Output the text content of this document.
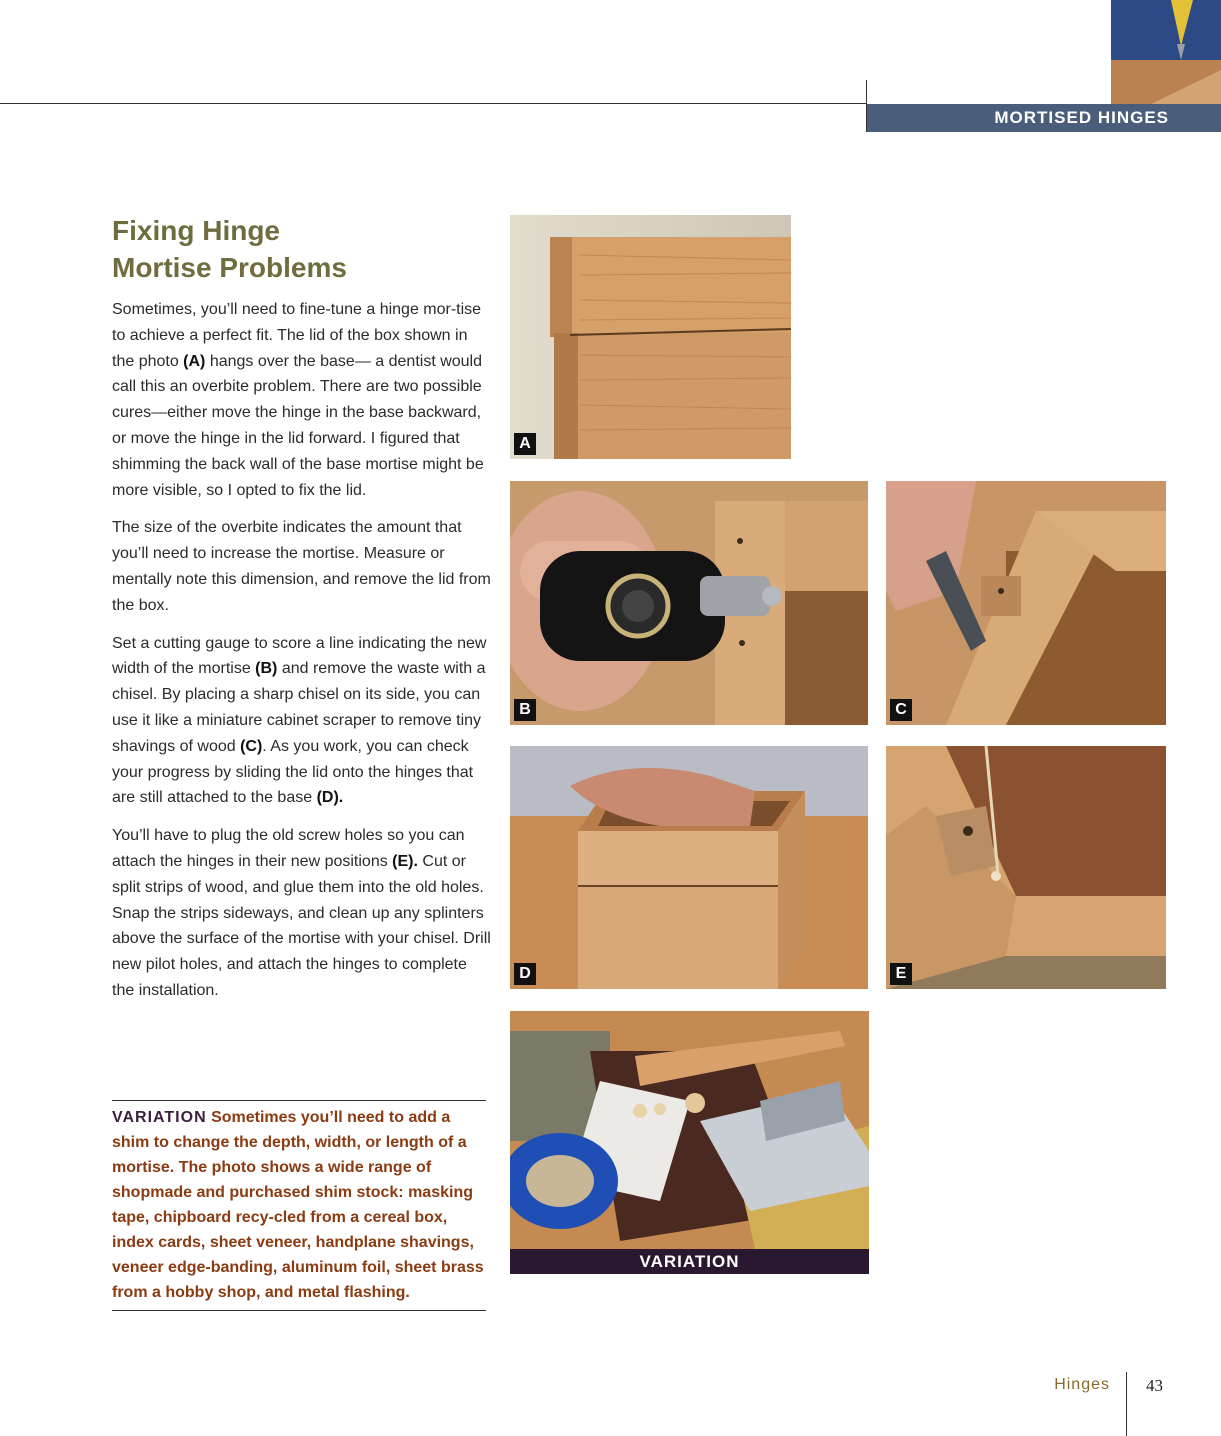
MORTISED HINGES
Fixing Hinge
Mortise Problems

Sometimes, you’ll need to fine-tune a hinge mor-tise to achieve a perfect fit. The lid of the box shown in the photo (A) hangs over the base— a dentist would call this an overbite problem. There are two possible cures—either move the hinge in the base backward, or move the hinge in the lid forward. I figured that shimming the back wall of the base mortise might be more visible, so I opted to fix the lid.

The size of the overbite indicates the amount that you’ll need to increase the mortise. Measure or mentally note this dimension, and remove the lid from the box.

Set a cutting gauge to score a line indicating the new width of the mortise (B) and remove the waste with a chisel. By placing a sharp chisel on its side, you can use it like a miniature cabinet scraper to remove tiny shavings of wood (C). As you work, you can check your progress by sliding the lid onto the hinges that are still attached to the base (D).

You’ll have to plug the old screw holes so you can attach the hinges in their new positions (E). Cut or split strips of wood, and glue them into the old holes. Snap the strips sideways, and clean up any splinters above the surface of the mortise with your chisel. Drill new pilot holes, and attach the hinges to complete the installation.

VARIATION Sometimes you’ll need to add a shim to change the depth, width, or length of a mortise. The photo shows a wide range of shopmade and purchased shim stock: masking tape, chipboard recy-cled from a cereal box, index cards, sheet veneer, handplane shavings, veneer edge-banding, aluminum foil, sheet brass from a hobby shop, and metal flashing.

A
B	C
D	E
VARIATION
Hinges 43
